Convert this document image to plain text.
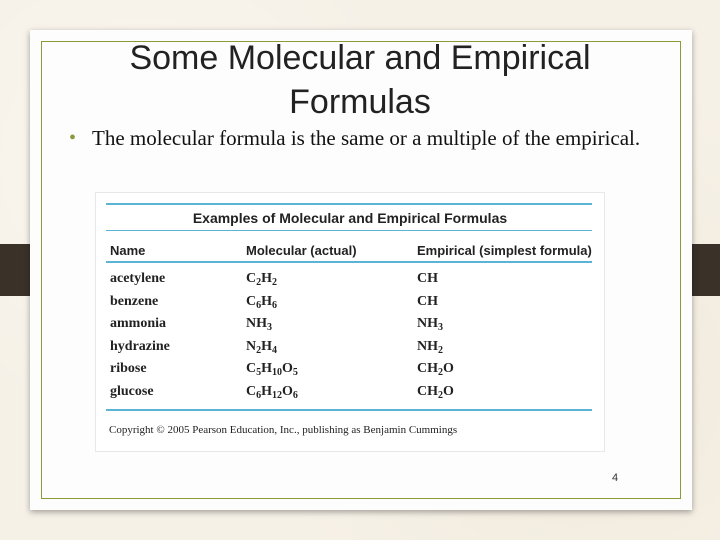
Some Molecular and Empirical Formulas
• The molecular formula is the same or a multiple of the empirical.
Examples of Molecular and Empirical Formulas
Name	Molecular (actual)	Empirical (simplest formula)
acetylene	$C_2H_2$	CH
benzene	$C_6H_6$	CH
ammonia	$NH_3$	$NH_3$
hydrazine	$N_2H_4$	$NH_2$
ribose	$C_5H_{10}O_5$	$CH_2O$
glucose	$C_6H_{12}O_6$	$CH_2O$
Copyright © 2005 Pearson Education, Inc., publishing as Benjamin Cummings
4
